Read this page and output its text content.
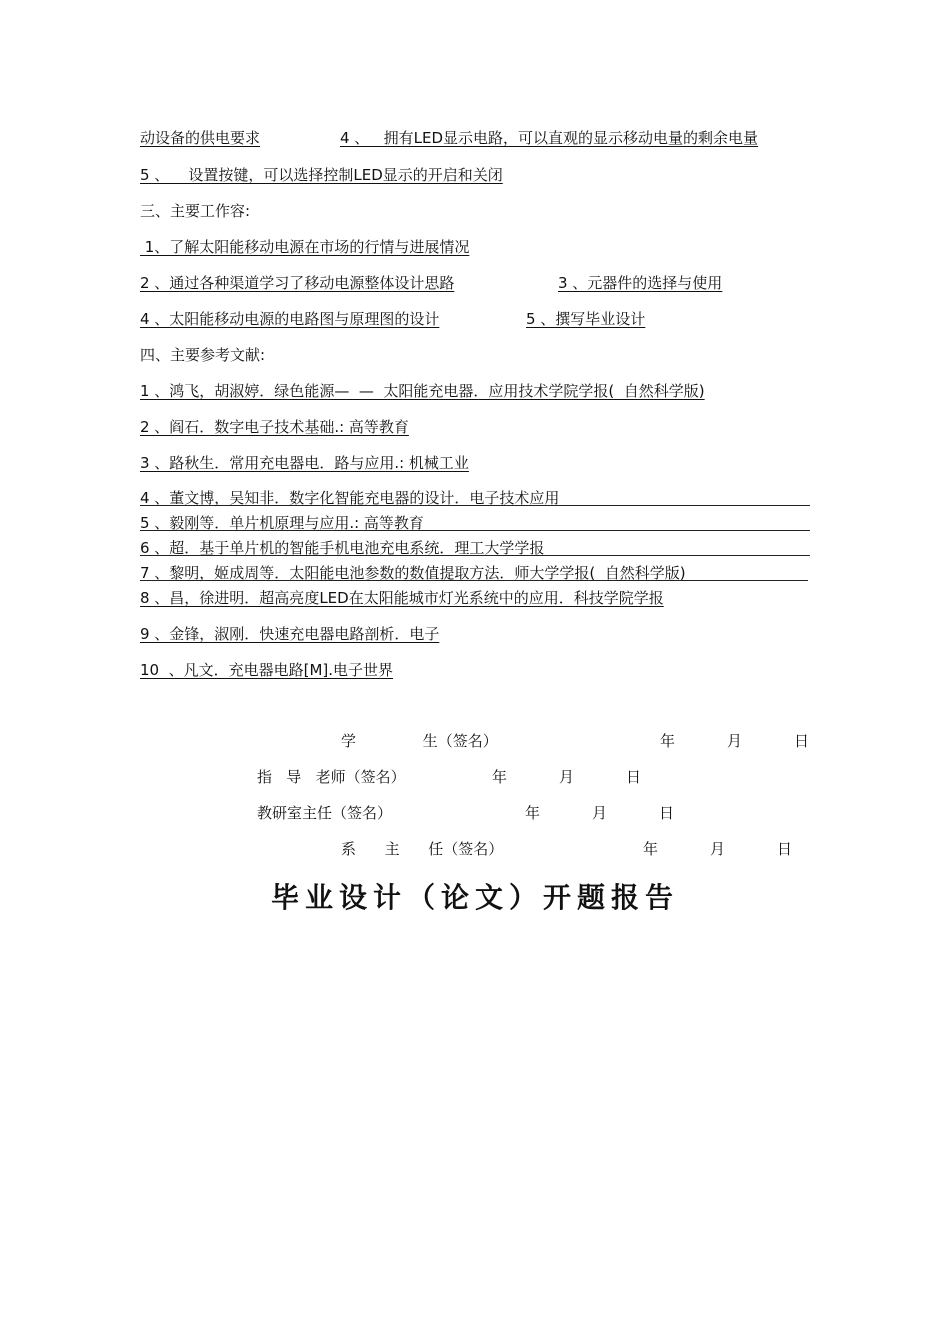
动设备的供电要求	4 、   拥有LED显示电路，可以直观的显示移动电量的剩余电量
5 、    设置按键，可以选择控制LED显示的开启和关闭
三、主要工作容:
1、了解太阳能移动电源在市场的行情与进展情况
2 、通过各种渠道学习了移动电源整体设计思路	3 、元器件的选择与使用
4 、太阳能移动电源的电路图与原理图的设计	5 、撰写毕业设计
四、主要参考文献:
1 、鸿飞，胡淑婷．绿色能源—  —  太阳能充电器．应用技术学院学报(  自然科学版)
2 、阎石．数字电子技术基础.: 高等教育
3 、路秋生．常用充电器电．路与应用.: 机械工业
4 、董文博，吴知非．数字化智能充电器的设计．电子技术应用
5 、毅刚等．单片机原理与应用.: 高等教育
6 、超．基于单片机的智能手机电池充电系统．理工大学学报
7 、黎明，姬成周等．太阳能电池参数的数值提取方法．师大学学报(  自然科学版)
8 、昌，徐进明．超高亮度LED在太阳能城市灯光系统中的应用．科技学院学报
9 、金锋，淑刚．快速充电器电路剖析．电子
10  、凡文．充电器电路[M].电子世界
学              生（签名）	年	月	日
指   导   老师（签名）	年	月	日
教研室主任（签名）	年	月	日
系      主      任（签名）	年	月	日
毕业设计（论文）开题报告
